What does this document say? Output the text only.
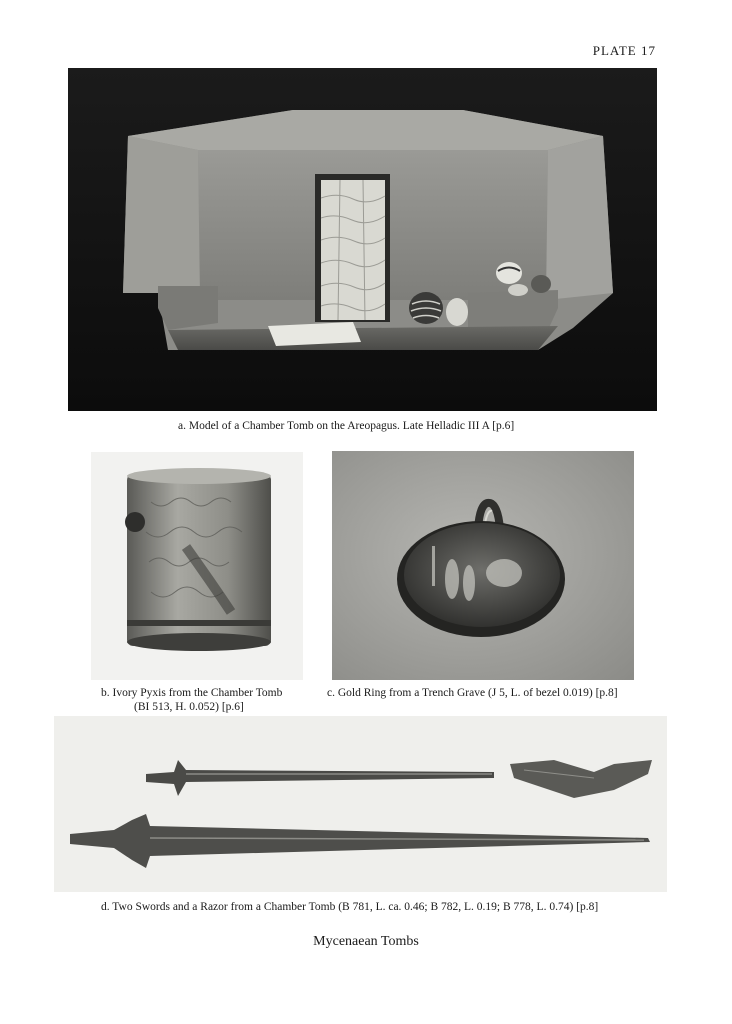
PLATE 17
a. Model of a Chamber Tomb on the Areopagus. Late Helladic III A [p.6]
b. Ivory Pyxis from the Chamber Tomb
(BI 513, H. 0.052) [p.6]
c. Gold Ring from a Trench Grave (J 5, L. of bezel 0.019) [p.8]
d. Two Swords and a Razor from a Chamber Tomb (B 781, L. ca. 0.46; B 782, L. 0.19; B 778, L. 0.74) [p.8]
Mycenaean Tombs
